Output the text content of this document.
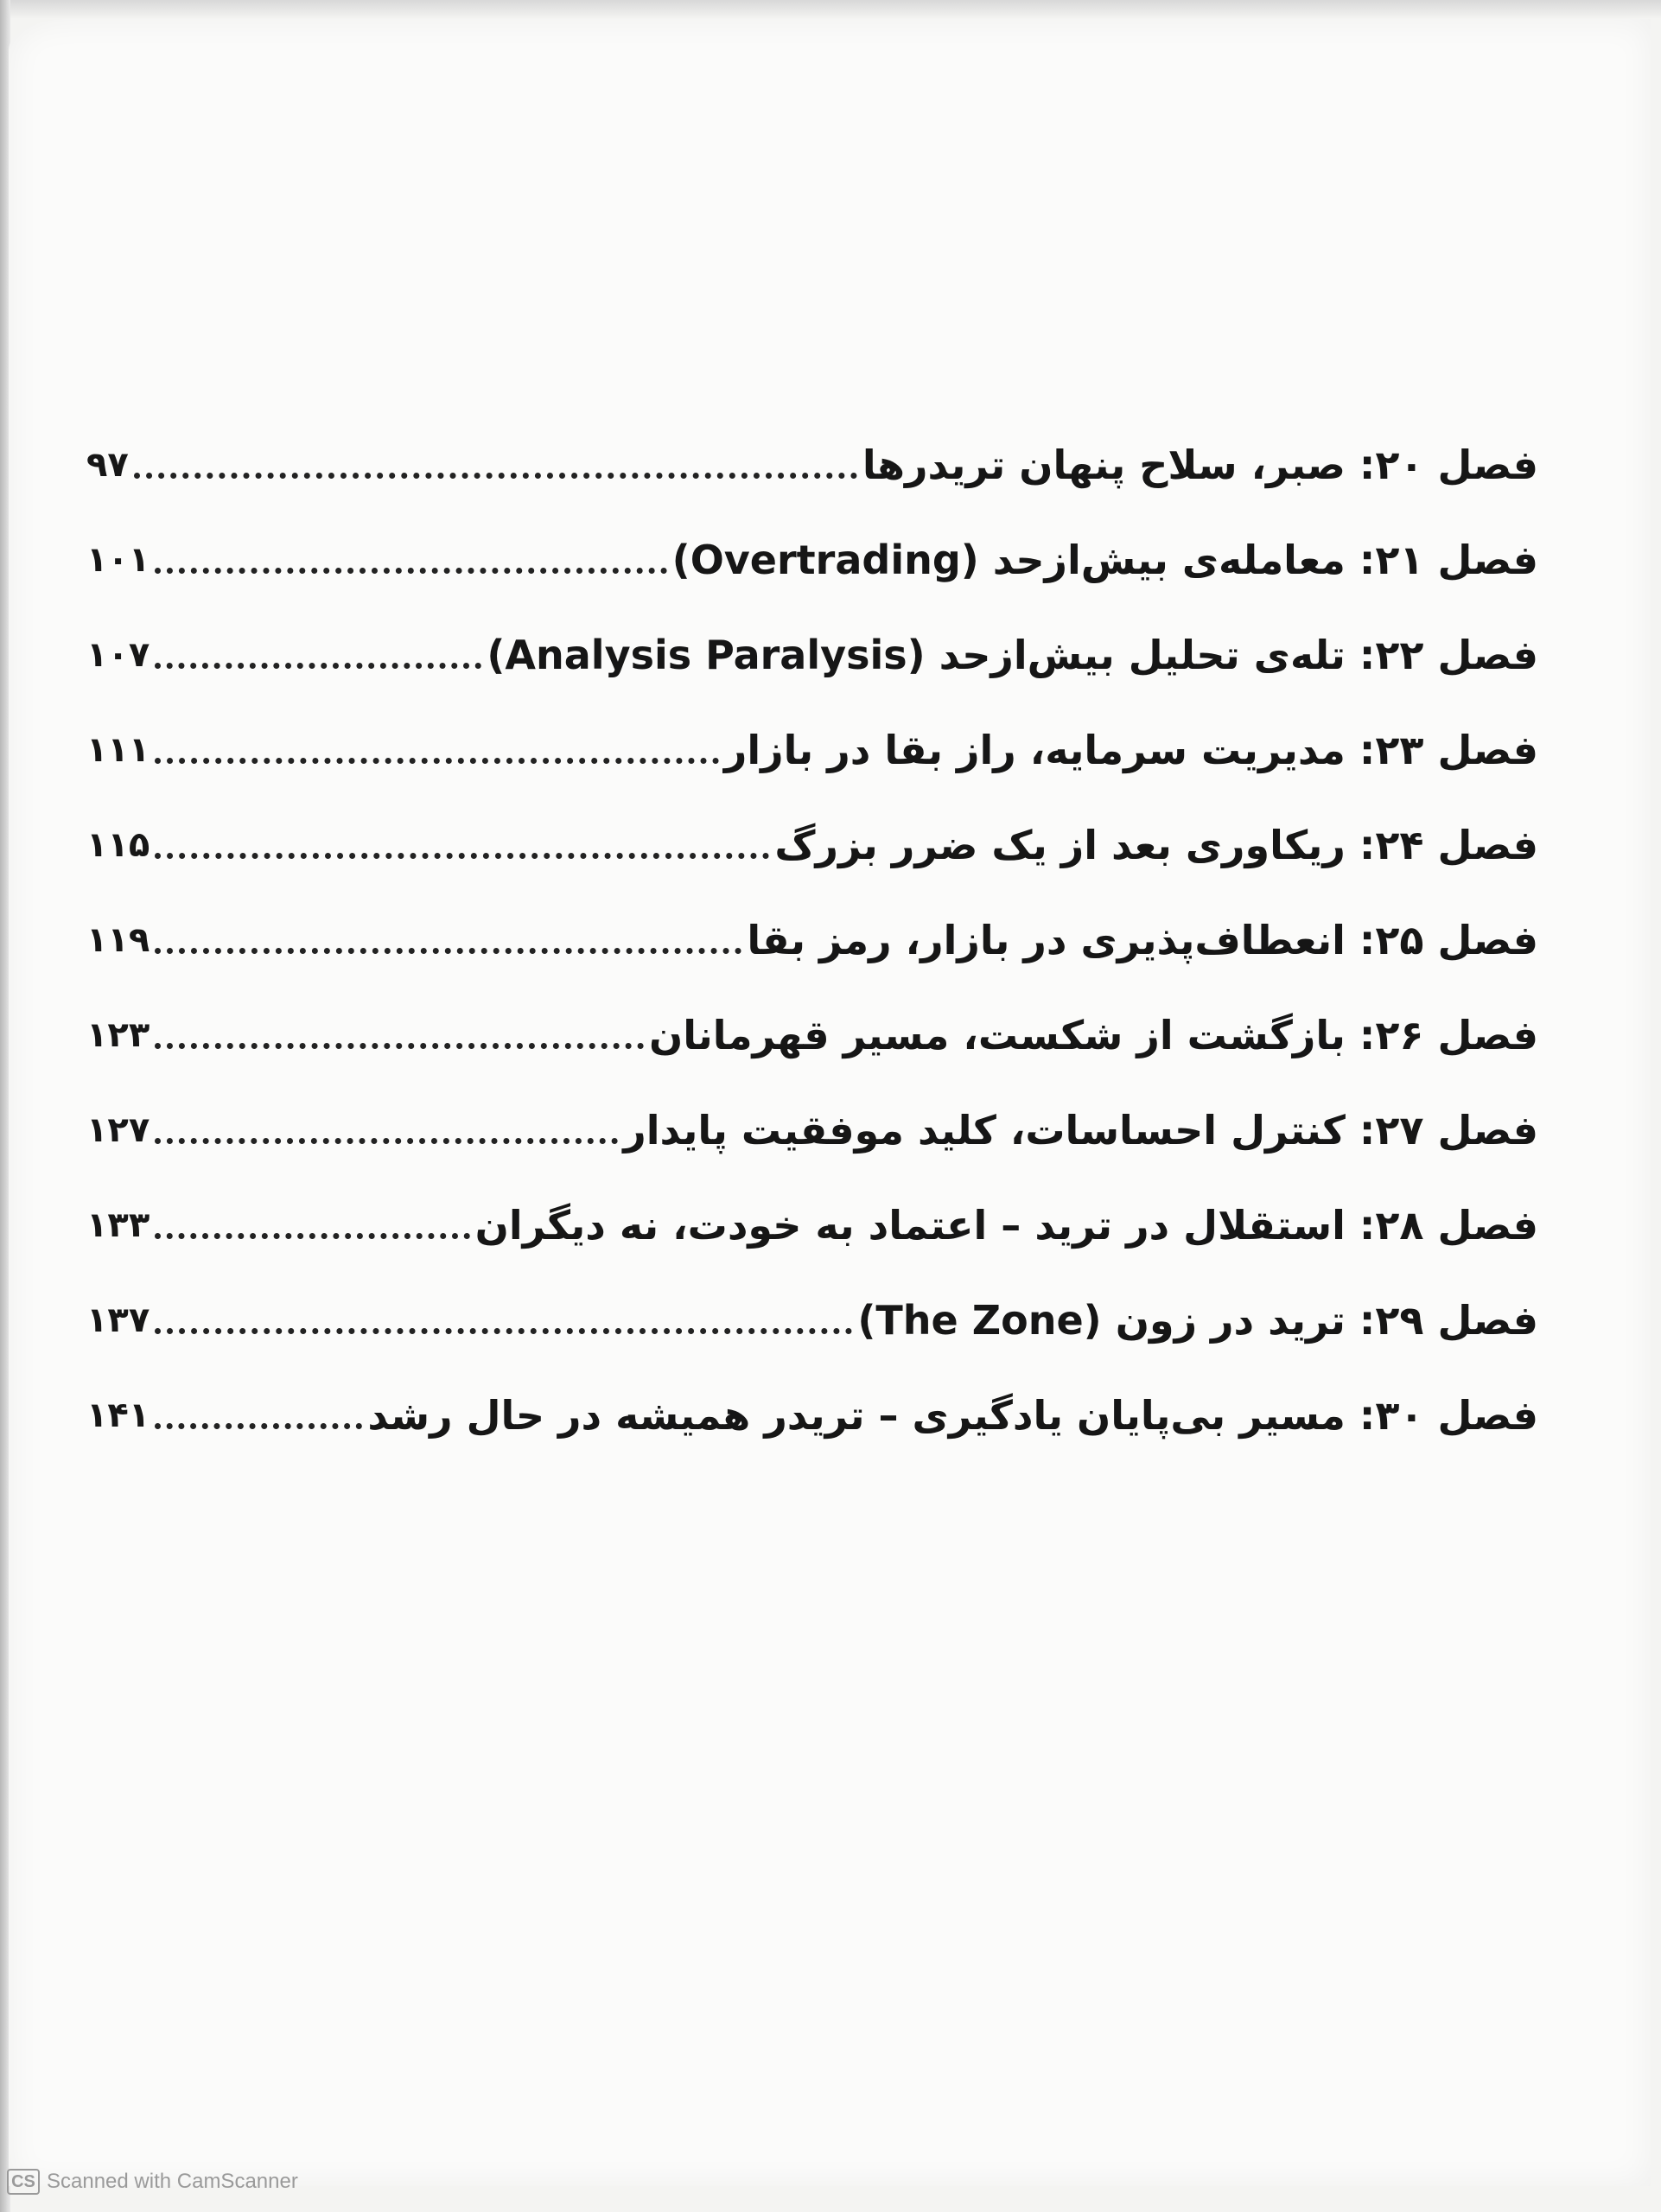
فصل ۲۰: صبر، سلاح پنهان تریدرها
۹۷
فصل ۲۱: معامله‌ی بیش‌ازحد (Overtrading)
۱۰۱
فصل ۲۲: تله‌ی تحلیل بیش‌ازحد (Analysis Paralysis)
۱۰۷
فصل ۲۳: مدیریت سرمایه، راز بقا در بازار
۱۱۱
فصل ۲۴: ریکاوری بعد از یک ضرر بزرگ
۱۱۵
فصل ۲۵: انعطاف‌پذیری در بازار، رمز بقا
۱۱۹
فصل ۲۶: بازگشت از شکست، مسیر قهرمانان
۱۲۳
فصل ۲۷: کنترل احساسات، کلید موفقیت پایدار
۱۲۷
فصل ۲۸: استقلال در ترید – اعتماد به خودت، نه دیگران
۱۳۳
فصل ۲۹: ترید در زون (The Zone)
۱۳۷
فصل ۳۰: مسیر بی‌پایان یادگیری – تریدر همیشه در حال رشد
۱۴۱
CS Scanned with CamScanner
